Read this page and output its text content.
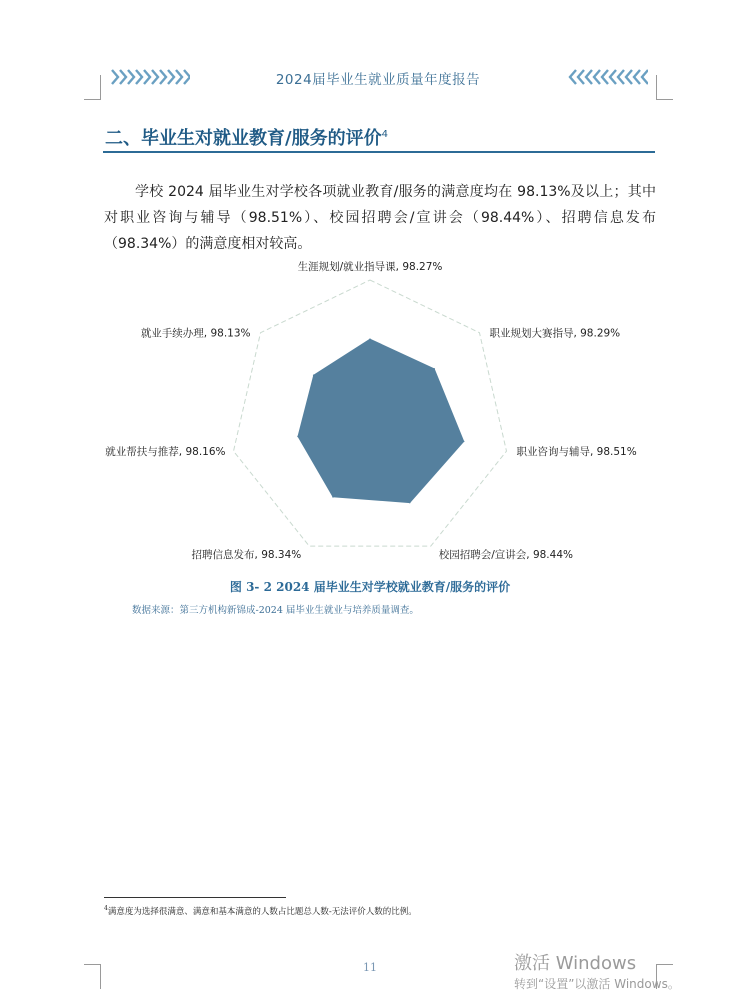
2024届毕业生就业质量年度报告
二、毕业生对就业教育/服务的评价$^4$

学校 2024 届毕业生对学校各项就业教育/服务的满意度均在 98.13%及以上；其中对职业咨询与辅导（98.51%）、校园招聘会/宣讲会（98.44%）、招聘信息发布（98.34%）的满意度相对较高。

生涯规划/就业指导课, 98.27%
职业规划大赛指导, 98.29%
职业咨询与辅导, 98.51%
校园招聘会/宣讲会, 98.44%
招聘信息发布, 98.34%
就业帮扶与推荐, 98.16%
就业手续办理, 98.13%
图 3- 2 2024 届毕业生对学校就业教育/服务的评价
数据来源：第三方机构新锦成-2024 届毕业生就业与培养质量调查。
$^4$满意度为选择很满意、满意和基本满意的人数占比题总人数-无法评价人数的比例。
11	激活 Windows
转到“设置”以激活 Windows。
